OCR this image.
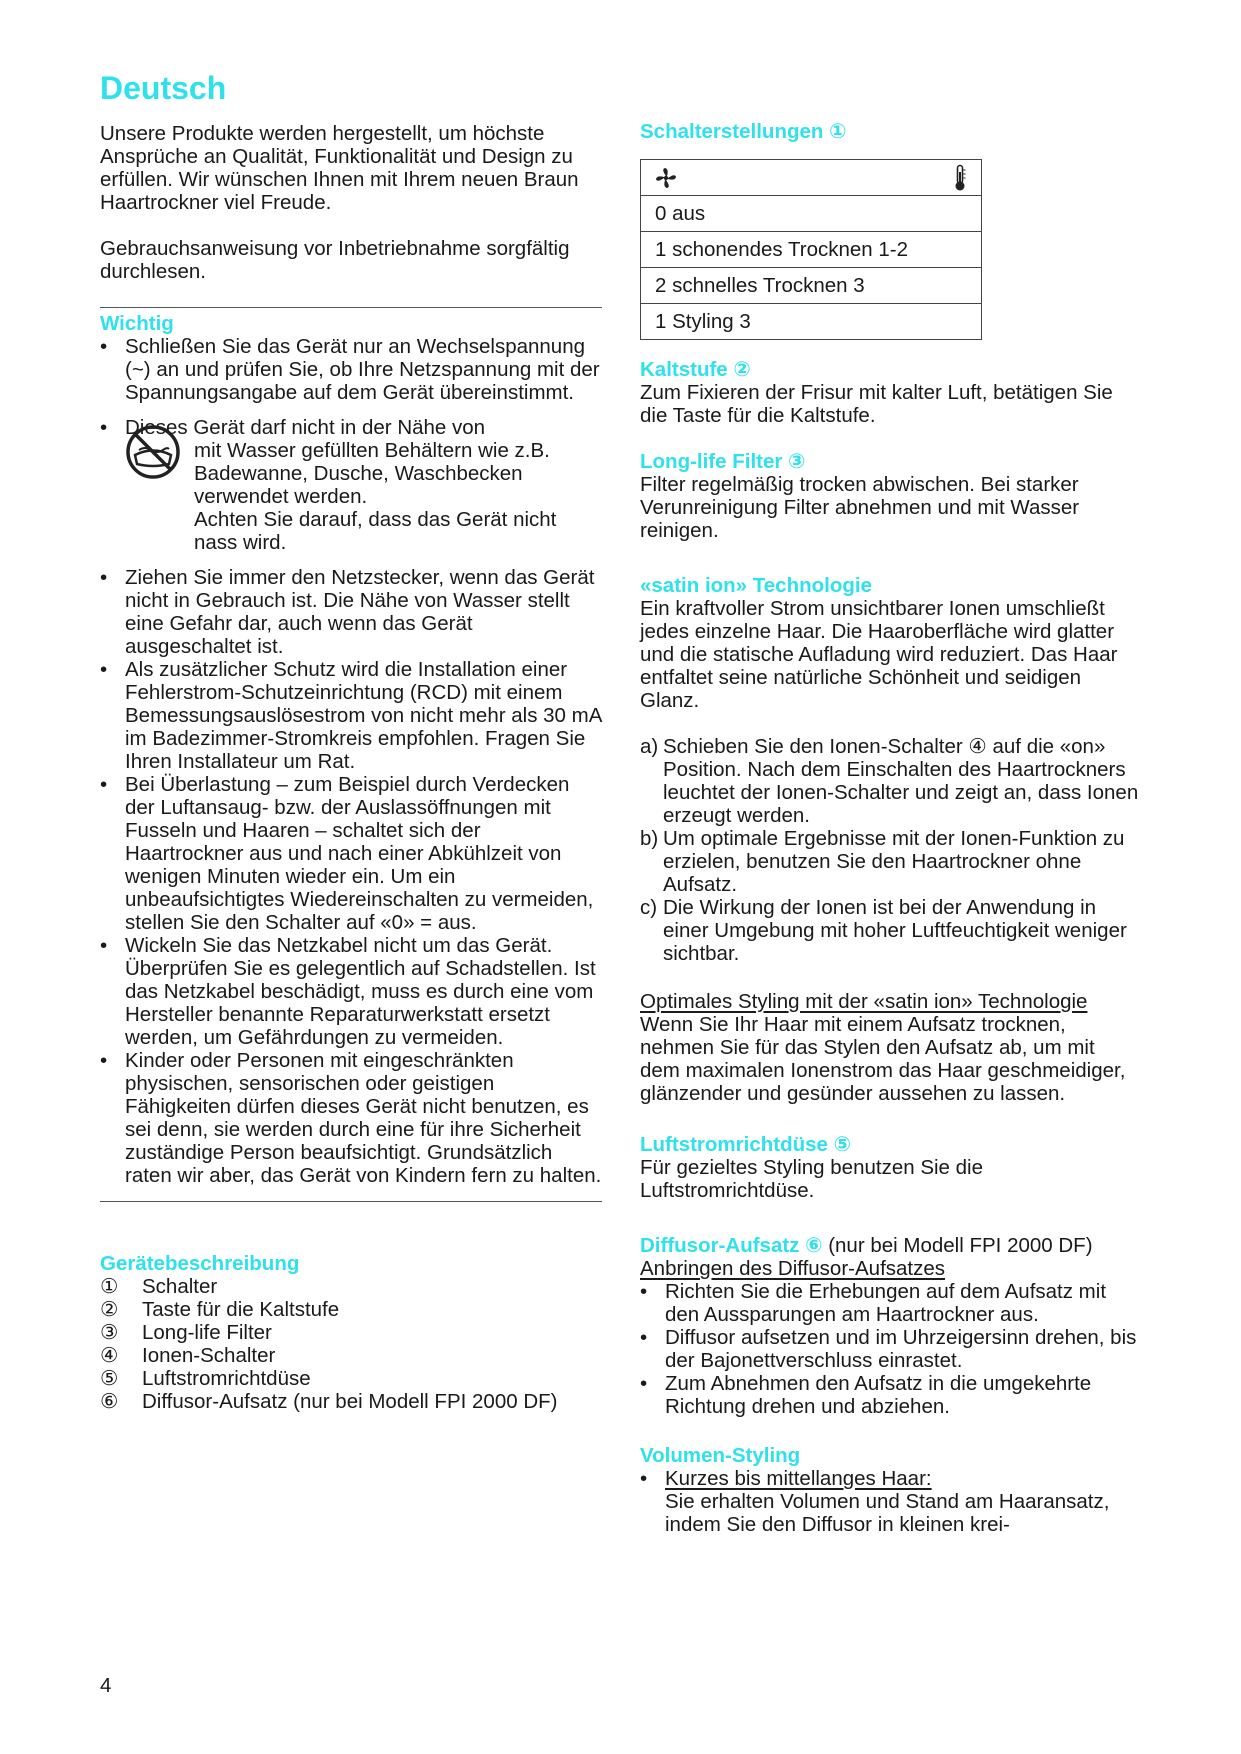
Deutsch

Unsere Produkte werden hergestellt, um höchste Ansprüche an Qualität, Funktionalität und Design zu erfüllen. Wir wünschen Ihnen mit Ihrem neuen Braun Haartrockner viel Freude.

Gebrauchsanweisung vor Inbetriebnahme sorgfältig durchlesen.

Wichtig
• Schließen Sie das Gerät nur an Wechselspannung (~) an und prüfen Sie, ob Ihre Netzspannung mit der Spannungsangabe auf dem Gerät übereinstimmt.

• Dieses Gerät darf nicht in der Nähe von

mit Wasser gefüllten Behältern wie z.B. Badewanne, Dusche, Waschbecken verwendet werden.

Achten Sie darauf, dass das Gerät nicht nass wird.

• Ziehen Sie immer den Netzstecker, wenn das Gerät nicht in Gebrauch ist. Die Nähe von Wasser stellt eine Gefahr dar, auch wenn das Gerät ausgeschaltet ist.
• Als zusätzlicher Schutz wird die Installation einer Fehlerstrom-Schutzeinrichtung (RCD) mit einem Bemessungsauslösestrom von nicht mehr als 30 mA im Badezimmer-Stromkreis empfohlen. Fragen Sie Ihren Installateur um Rat.
• Bei Überlastung – zum Beispiel durch Verdecken der Luftansaug- bzw. der Auslassöffnungen mit Fusseln und Haaren – schaltet sich der Haartrockner aus und nach einer Abkühlzeit von wenigen Minuten wieder ein. Um ein unbeaufsichtigtes Wiedereinschalten zu vermeiden, stellen Sie den Schalter auf «0» = aus.
• Wickeln Sie das Netzkabel nicht um das Gerät. Überprüfen Sie es gelegentlich auf Schadstellen. Ist das Netzkabel beschädigt, muss es durch eine vom Hersteller benannte Reparaturwerkstatt ersetzt werden, um Gefährdungen zu vermeiden.
• Kinder oder Personen mit eingeschränkten physischen, sensorischen oder geistigen Fähigkeiten dürfen dieses Gerät nicht benutzen, es sei denn, sie werden durch eine für ihre Sicherheit zuständige Person beaufsichtigt. Grundsätzlich raten wir aber, das Gerät von Kindern fern zu halten.
Gerätebeschreibung
①	Schalter
②	Taste für die Kaltstufe
③	Long-life Filter
④	Ionen-Schalter
⑤	Luftstromrichtdüse
⑥	Diffusor-Aufsatz (nur bei Modell FPI 2000 DF)
Schalterstellungen ①

0 aus
1 schonendes Trocknen 1-2
2 schnelles Trocknen 3
1 Styling 3
Kaltstufe ②

Zum Fixieren der Frisur mit kalter Luft, betätigen Sie die Taste für die Kaltstufe.

Long-life Filter ③

Filter regelmäßig trocken abwischen. Bei starker Verunreinigung Filter abnehmen und mit Wasser reinigen.

«satin ion» Technologie

Ein kraftvoller Strom unsichtbarer Ionen umschließt jedes einzelne Haar. Die Haaroberfläche wird glatter und die statische Aufladung wird reduziert. Das Haar entfaltet seine natürliche Schönheit und seidigen Glanz.

a) Schieben Sie den Ionen-Schalter ④ auf die «on» Position. Nach dem Einschalten des Haartrockners leuchtet der Ionen-Schalter und zeigt an, dass Ionen erzeugt werden.
b) Um optimale Ergebnisse mit der Ionen-Funktion zu erzielen, benutzen Sie den Haartrockner ohne Aufsatz.
c) Die Wirkung der Ionen ist bei der Anwendung in einer Umgebung mit hoher Luftfeuchtigkeit weniger sichtbar.

Optimales Styling mit der «satin ion» Technologie

Wenn Sie Ihr Haar mit einem Aufsatz trocknen, nehmen Sie für das Stylen den Aufsatz ab, um mit dem maximalen Ionenstrom das Haar geschmeidiger, glänzender und gesünder aussehen zu lassen.

Luftstromrichtdüse ⑤

Für gezieltes Styling benutzen Sie die Luftstromrichtdüse.

Diffusor-Aufsatz ⑥ (nur bei Modell FPI 2000 DF)

Anbringen des Diffusor-Aufsatzes

• Richten Sie die Erhebungen auf dem Aufsatz mit den Aussparungen am Haartrockner aus.
• Diffusor aufsetzen und im Uhrzeigersinn drehen, bis der Bajonettverschluss einrastet.
• Zum Abnehmen den Aufsatz in die umgekehrte Richtung drehen und abziehen.
Volumen-Styling
• Kurzes bis mittellanges Haar:
Sie erhalten Volumen und Stand am Haaransatz, indem Sie den Diffusor in kleinen krei-
4
